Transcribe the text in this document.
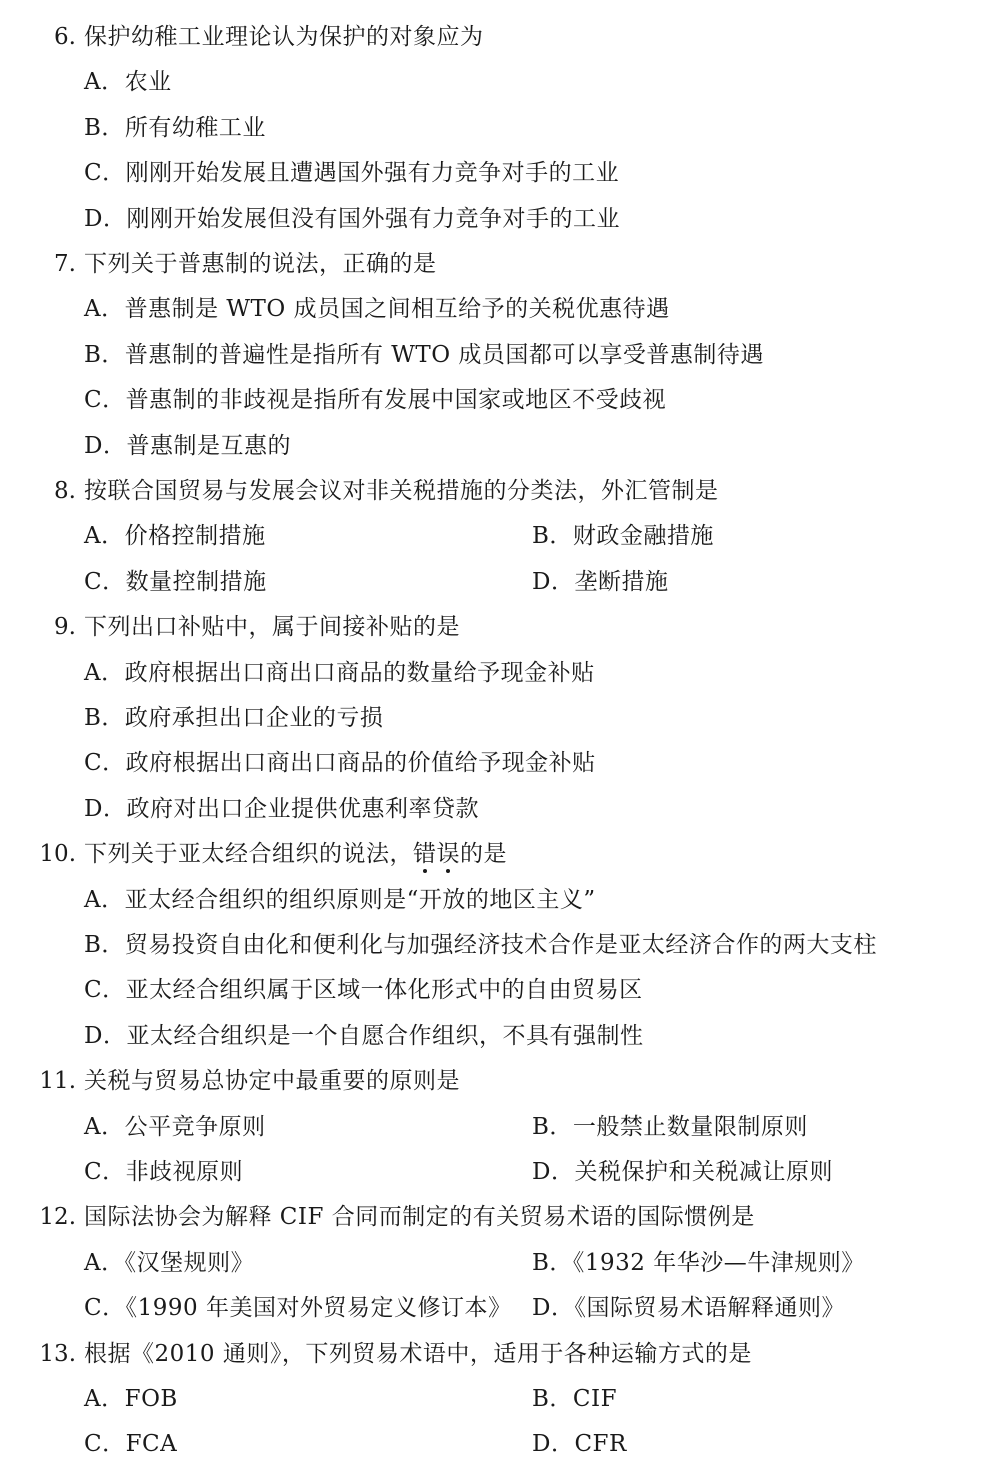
6. 保护幼稚工业理论认为保护的对象应为
A．农业
B．所有幼稚工业
C．刚刚开始发展且遭遇国外强有力竞争对手的工业
D．刚刚开始发展但没有国外强有力竞争对手的工业
7. 下列关于普惠制的说法，正确的是
A．普惠制是 WTO 成员国之间相互给予的关税优惠待遇
B．普惠制的普遍性是指所有 WTO 成员国都可以享受普惠制待遇
C．普惠制的非歧视是指所有发展中国家或地区不受歧视
D．普惠制是互惠的
8. 按联合国贸易与发展会议对非关税措施的分类法，外汇管制是
A．价格控制措施	B．财政金融措施
C．数量控制措施	D．垄断措施
9. 下列出口补贴中，属于间接补贴的是
A．政府根据出口商出口商品的数量给予现金补贴
B．政府承担出口企业的亏损
C．政府根据出口商出口商品的价值给予现金补贴
D．政府对出口企业提供优惠利率贷款
10. 下列关于亚太经合组织的说法，错误的是
A．亚太经合组织的组织原则是“开放的地区主义”
B．贸易投资自由化和便利化与加强经济技术合作是亚太经济合作的两大支柱
C．亚太经合组织属于区域一体化形式中的自由贸易区
D．亚太经合组织是一个自愿合作组织，不具有强制性
11. 关税与贸易总协定中最重要的原则是
A．公平竞争原则	B．一般禁止数量限制原则
C．非歧视原则	D．关税保护和关税减让原则
12. 国际法协会为解释 CIF 合同而制定的有关贸易术语的国际惯例是
A．《汉堡规则》	B．《1932 年华沙—牛津规则》
C．《1990 年美国对外贸易定义修订本》 D．《国际贸易术语解释通则》
13. 根据《2010 通则》，下列贸易术语中，适用于各种运输方式的是
A．FOB	B．CIF
C．FCA	D．CFR
